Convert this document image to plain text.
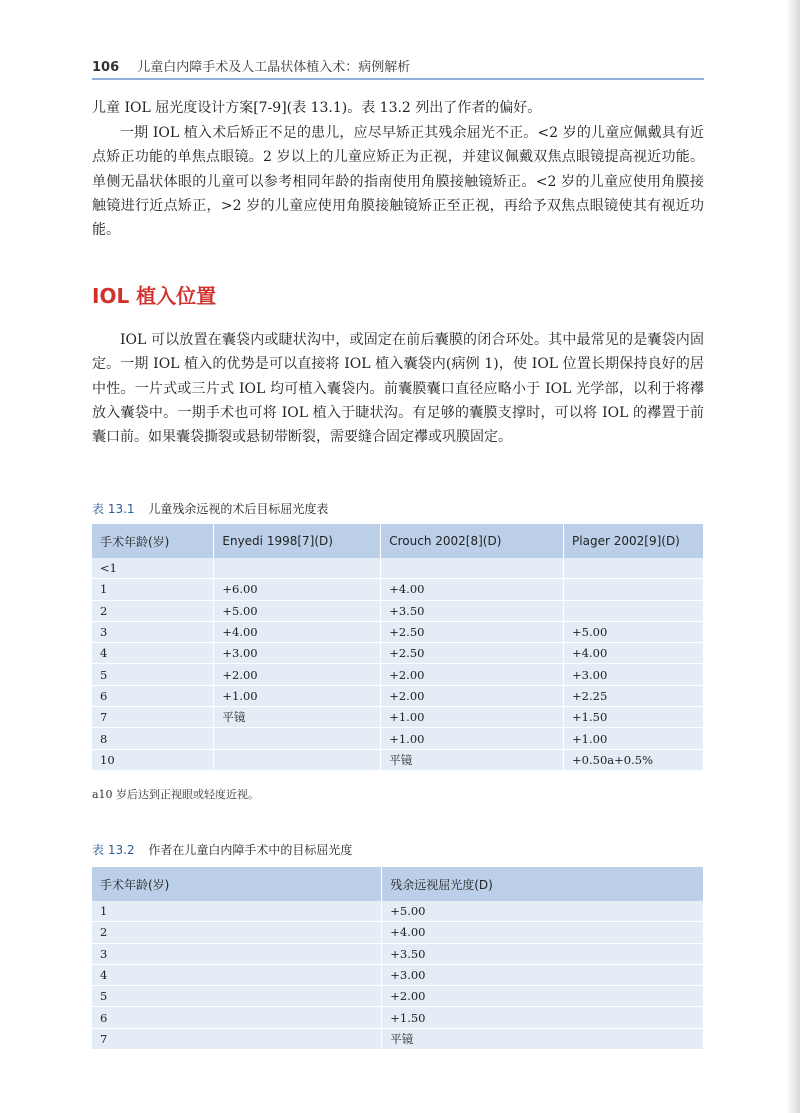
106 儿童白内障手术及人工晶状体植入术：病例解析
儿童 IOL 屈光度设计方案[7-9](表 13.1)。表 13.2 列出了作者的偏好。
一期 IOL 植入术后矫正不足的患儿，应尽早矫正其残余屈光不正。<2 岁的儿童应佩戴具有近点矫正功能的单焦点眼镜。2 岁以上的儿童应矫正为正视，并建议佩戴双焦点眼镜提高视近功能。单侧无晶状体眼的儿童可以参考相同年龄的指南使用角膜接触镜矫正。<2 岁的儿童应使用角膜接触镜进行近点矫正，>2 岁的儿童应使用角膜接触镜矫正至正视，再给予双焦点眼镜使其有视近功能。
IOL 植入位置
IOL 可以放置在囊袋内或睫状沟中，或固定在前后囊膜的闭合环处。其中最常见的是囊袋内固定。一期 IOL 植入的优势是可以直接将 IOL 植入囊袋内(病例 1)，使 IOL 位置长期保持良好的居中性。一片式或三片式 IOL 均可植入囊袋内。前囊膜囊口直径应略小于 IOL 光学部，以利于将襻放入囊袋中。一期手术也可将 IOL 植入于睫状沟。有足够的囊膜支撑时，可以将 IOL 的襻置于前囊口前。如果囊袋撕裂或悬韧带断裂，需要缝合固定襻或巩膜固定。
表 13.1 儿童残余远视的术后目标屈光度表
手术年龄(岁)	Enyedi 1998[7](D)	Crouch 2002[8](D)	Plager 2002[9](D)
<1			
1	+6.00	+4.00	
2	+5.00	+3.50	
3	+4.00	+2.50	+5.00
4	+3.00	+2.50	+4.00
5	+2.00	+2.00	+3.00
6	+1.00	+2.00	+2.25
7	平镜	+1.00	+1.50
8		+1.00	+1.00
10		平镜	+0.50a+0.5%
a10 岁后达到正视眼或轻度近视。
表 13.2 作者在儿童白内障手术中的目标屈光度
手术年龄(岁)	残余远视屈光度(D)
1	+5.00
2	+4.00
3	+3.50
4	+3.00
5	+2.00
6	+1.50
7	平镜
